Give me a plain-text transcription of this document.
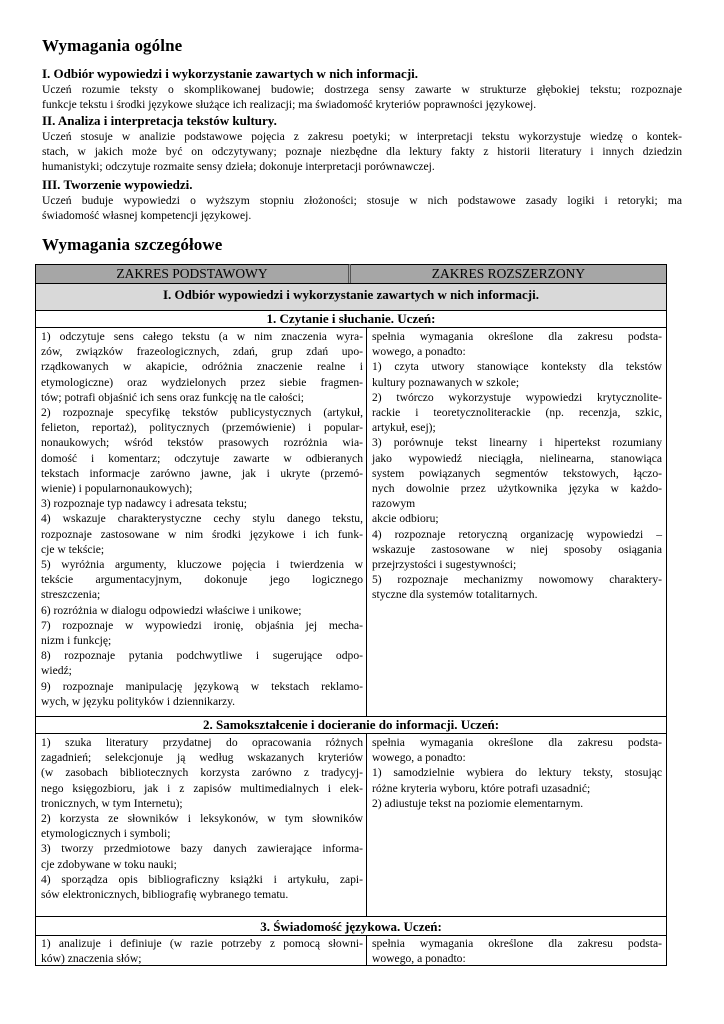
Wymagania ogólne
I. Odbiór wypowiedzi i wykorzystanie zawartych w nich informacji.
Uczeń rozumie teksty o skomplikowanej budowie; dostrzega sensy zawarte w strukturze głębokiej tekstu; rozpoznaje
funkcje tekstu i środki językowe służące ich realizacji; ma świadomość kryteriów poprawności językowej.
II. Analiza i interpretacja tekstów kultury.
Uczeń stosuje w analizie podstawowe pojęcia z zakresu poetyki; w interpretacji tekstu wykorzystuje wiedzę o kontek-
stach, w jakich może być on odczytywany; poznaje niezbędne dla lektury fakty z historii literatury i innych dziedzin
humanistyki; odczytuje rozmaite sensy dzieła; dokonuje interpretacji porównawczej.
III. Tworzenie wypowiedzi.
Uczeń buduje wypowiedzi o wyższym stopniu złożoności; stosuje w nich podstawowe zasady logiki i retoryki; ma
świadomość własnej kompetencji językowej.
Wymagania szczegółowe
ZAKRES PODSTAWOWY	ZAKRES ROZSZERZONY
I. Odbiór wypowiedzi i wykorzystanie zawartych w nich informacji.
1. Czytanie i słuchanie. Uczeń:
1) odczytuje sens całego tekstu (a w nim znaczenia wyra-
zów, związków frazeologicznych, zdań, grup zdań upo-
rządkowanych w akapicie, odróżnia znaczenie realne i
etymologiczne) oraz wydzielonych przez siebie fragmen-
tów; potrafi objaśnić ich sens oraz funkcję na tle całości;
2) rozpoznaje specyfikę tekstów publicystycznych (artykuł,
felieton, reportaż), politycznych (przemówienie) i popular-
nonaukowych; wśród tekstów prasowych rozróżnia wia-
domość i komentarz; odczytuje zawarte w odbieranych
tekstach informacje zarówno jawne, jak i ukryte (przemó-
wienie) i popularnonaukowych);
3) rozpoznaje typ nadawcy i adresata tekstu;
4) wskazuje charakterystyczne cechy stylu danego tekstu,
rozpoznaje zastosowane w nim środki językowe i ich funk-
cje w tekście;
5) wyróżnia argumenty, kluczowe pojęcia i twierdzenia w
tekście argumentacyjnym, dokonuje jego logicznego
streszczenia;
6) rozróżnia w dialogu odpowiedzi właściwe i unikowe;
7) rozpoznaje w wypowiedzi ironię, objaśnia jej mecha-
nizm i funkcję;
8) rozpoznaje pytania podchwytliwe i sugerujące odpo-
wiedź;
9) rozpoznaje manipulację językową w tekstach reklamo-
wych, w języku polityków i dziennikarzy.
spełnia wymagania określone dla zakresu podsta-
wowego, a ponadto:
1) czyta utwory stanowiące konteksty dla tekstów
kultury poznawanych w szkole;
2) twórczo wykorzystuje wypowiedzi krytycznolite-
rackie i teoretycznoliterackie (np. recenzja, szkic,
artykuł, esej);
3) porównuje tekst linearny i hipertekst rozumiany
jako wypowiedź nieciągła, nielinearna, stanowiąca
system powiązanych segmentów tekstowych, łączo-
nych dowolnie przez użytkownika języka w każdo-
razowym
akcie odbioru;
4) rozpoznaje retoryczną organizację wypowiedzi –
wskazuje zastosowane w niej sposoby osiągania
przejrzystości i sugestywności;
5) rozpoznaje mechanizmy nowomowy charaktery-
styczne dla systemów totalitarnych.
2. Samokształcenie i docieranie do informacji. Uczeń:
1) szuka literatury przydatnej do opracowania różnych
zagadnień; selekcjonuje ją według wskazanych kryteriów
(w zasobach bibliotecznych korzysta zarówno z tradycyj-
nego księgozbioru, jak i z zapisów multimedialnych i elek-
tronicznych, w tym Internetu);
2) korzysta ze słowników i leksykonów, w tym słowników
etymologicznych i symboli;
3) tworzy przedmiotowe bazy danych zawierające informa-
cje zdobywane w toku nauki;
4) sporządza opis bibliograficzny książki i artykułu, zapi-
sów elektronicznych, bibliografię wybranego tematu.
spełnia wymagania określone dla zakresu podsta-
wowego, a ponadto:
1) samodzielnie wybiera do lektury teksty, stosując
różne kryteria wyboru, które potrafi uzasadnić;
2) adiustuje tekst na poziomie elementarnym.
3. Świadomość językowa. Uczeń:
1) analizuje i definiuje (w razie potrzeby z pomocą słowni-
ków) znaczenia słów;
spełnia wymagania określone dla zakresu podsta-
wowego, a ponadto:
